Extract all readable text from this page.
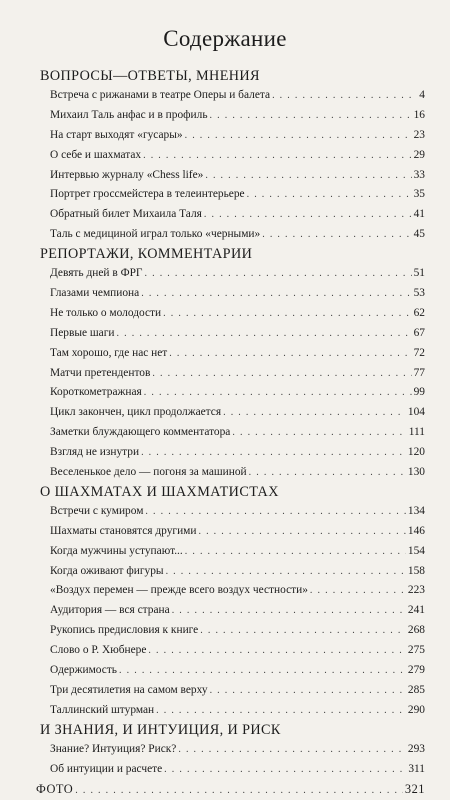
Содержание
ВОПРОСЫ—ОТВЕТЫ, МНЕНИЯ
Встреча с рижанами в театре Оперы и балета . . .	4
Михаил Таль анфас и в профиль . . .	16
На старт выходят «гусары» . . .	23
О себе и шахматах . . .	29
Интервью журналу «Chess life» . . .	33
Портрет гроссмейстера в телеинтерьере . . .	35
Обратный билет Михаила Таля . . .	41
Таль с медициной играл только «черными» . . .	45
РЕПОРТАЖИ, КОММЕНТАРИИ
Девять дней в ФРГ . . .	51
Глазами чемпиона . . .	53
Не только о молодости . . .	62
Первые шаги . . .	67
Там хорошо, где нас нет . . .	72
Матчи претендентов . . .	77
Короткометражная . . .	99
Цикл закончен, цикл продолжается . . .	104
Заметки блуждающего комментатора . . .	111
Взгляд не изнутри . . .	120
Веселенькое дело — погоня за машиной . . .	130
О ШАХМАТАХ И ШАХМАТИСТАХ
Встречи с кумиром . . .	134
Шахматы становятся другими . . .	146
Когда мужчины уступают... . . .	154
Когда оживают фигуры . . .	158
«Воздух перемен — прежде всего воздух честности» . . .	223
Аудитория — вся страна . . .	241
Рукопись предисловия к книге . . .	268
Слово о Р. Хюбнере . . .	275
Одержимость . . .	279
Три десятилетия на самом верху . . .	285
Таллинский штурман . . .	290
И ЗНАНИЯ, И ИНТУИЦИЯ, И РИСК
Знание? Интуиция? Риск? . . .	293
Об интуиции и расчете . . .	311
ФОТО . . .	321
